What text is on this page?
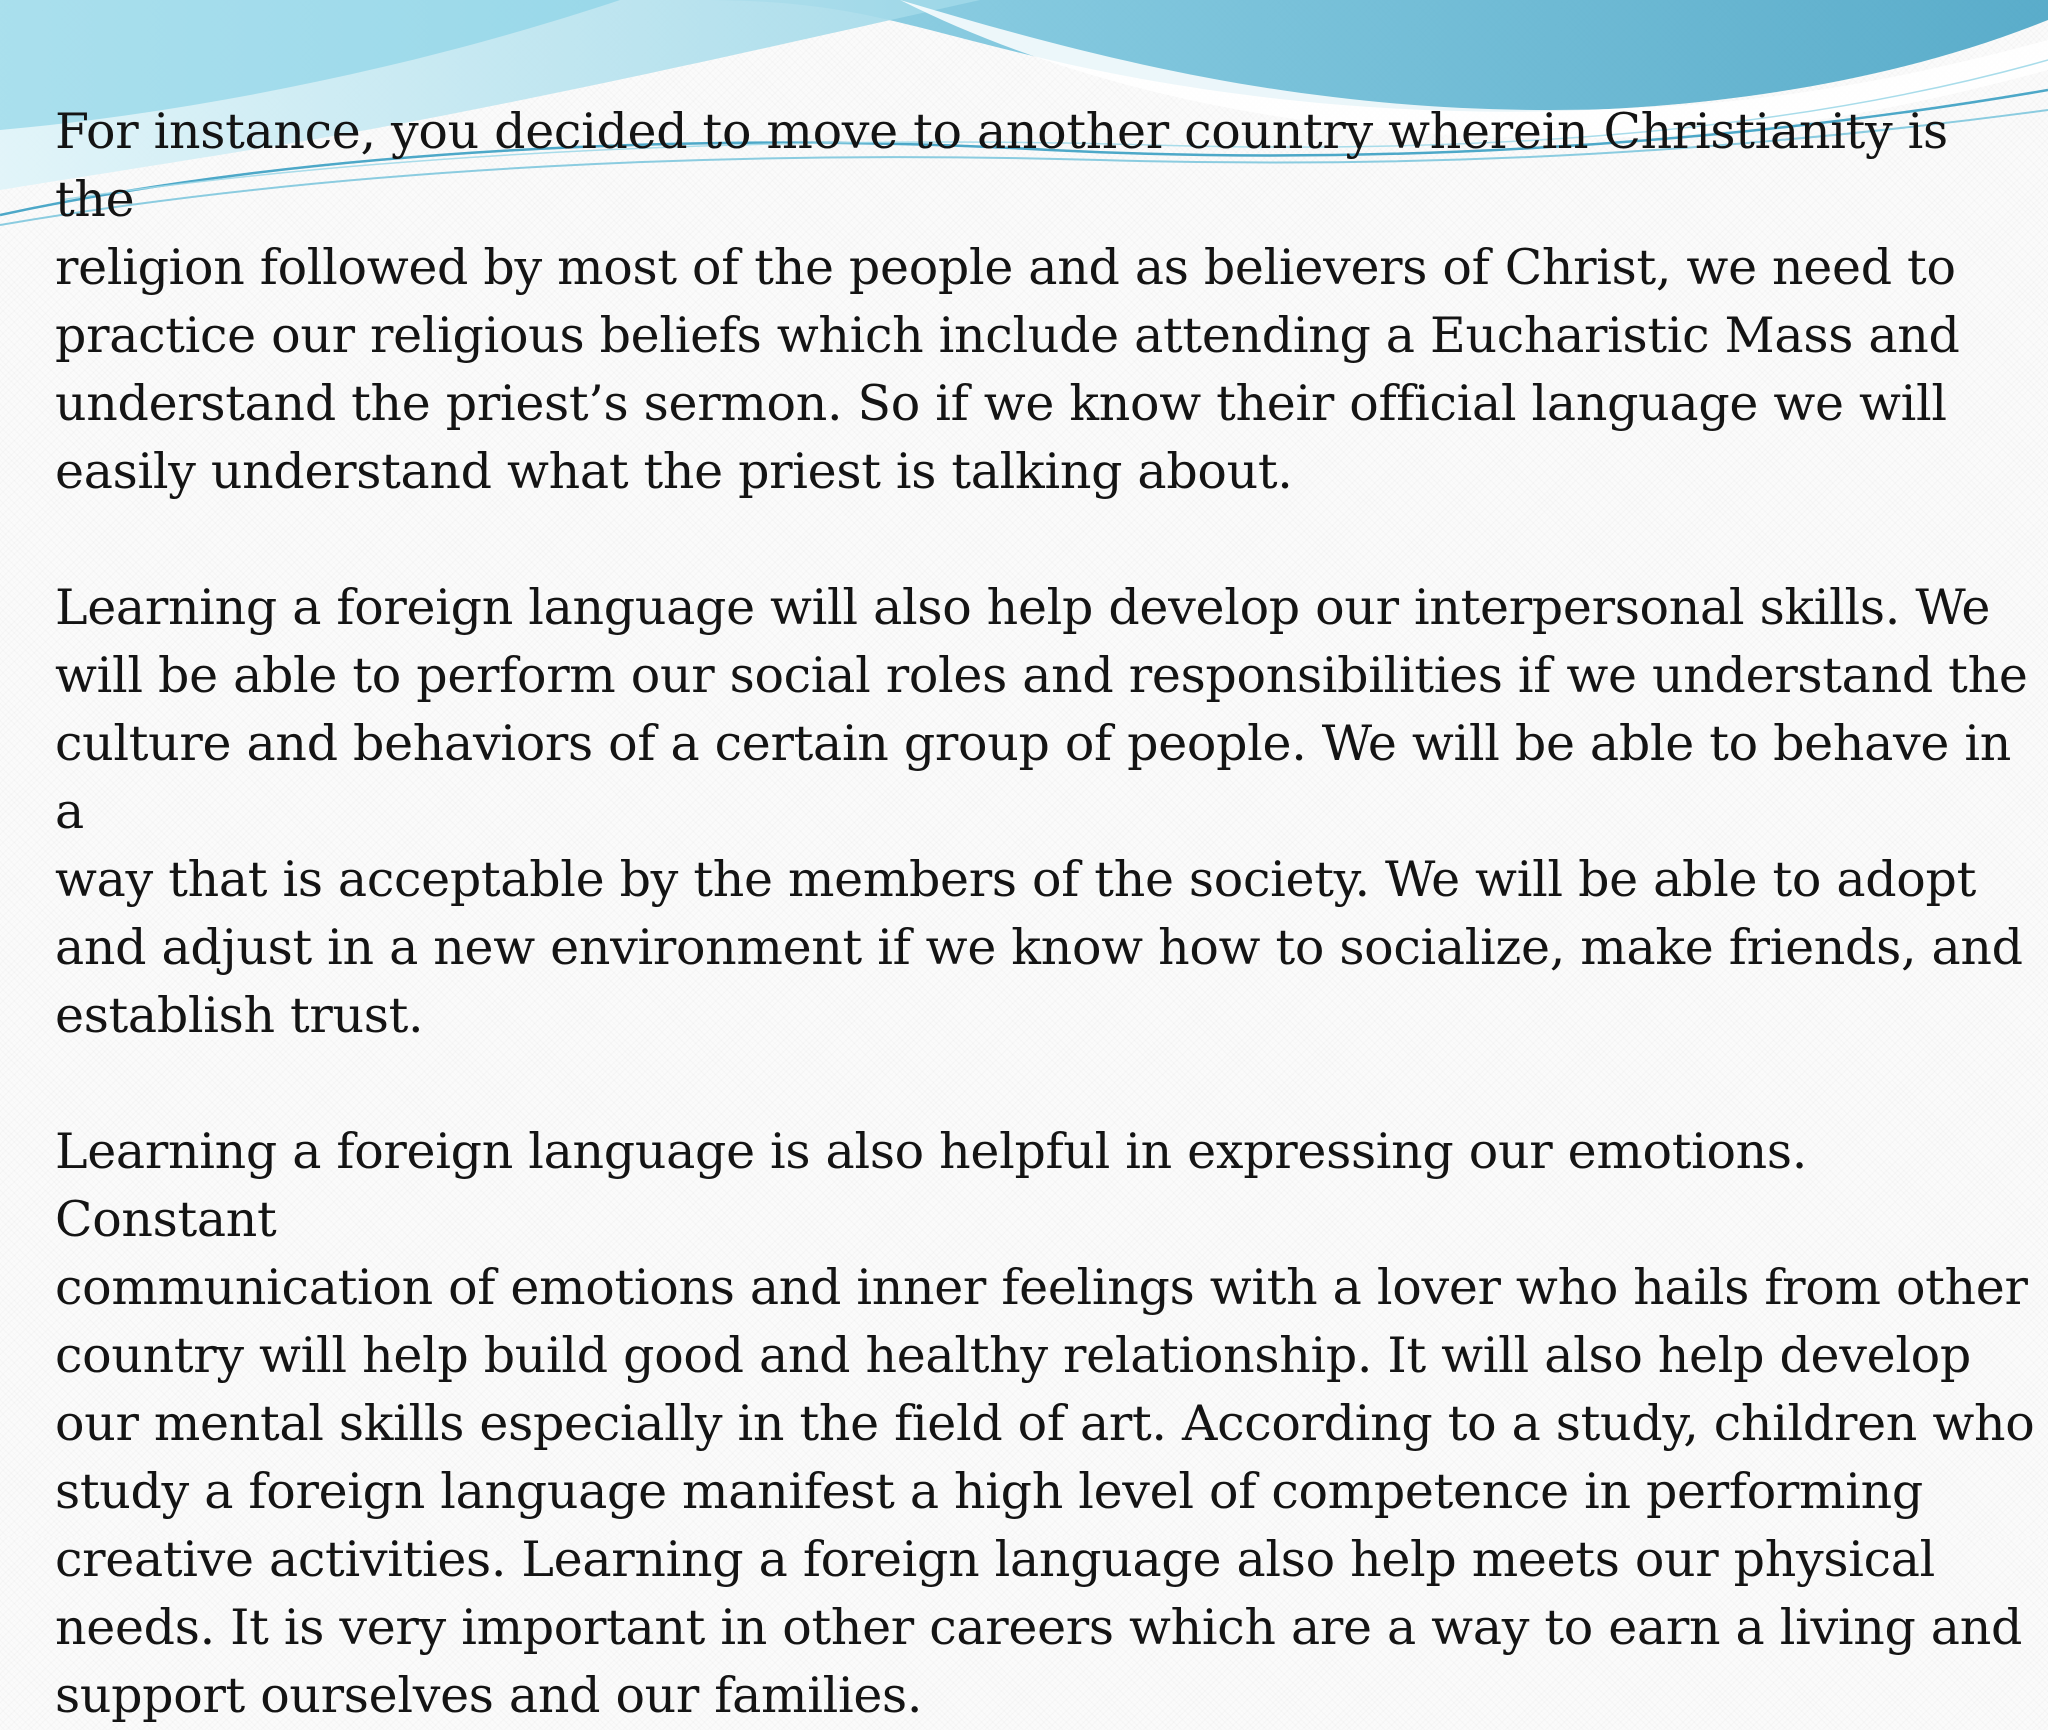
For instance, you decided to move to another country wherein Christianity is the
religion followed by most of the people and as believers of Christ, we need to
practice our religious beliefs which include attending a Eucharistic Mass and
understand the priest’s sermon. So if we know their official language we will
easily understand what the priest is talking about.

Learning a foreign language will also help develop our interpersonal skills. We
will be able to perform our social roles and responsibilities if we understand the
culture and behaviors of a certain group of people. We will be able to behave in a
way that is acceptable by the members of the society. We will be able to adopt
and adjust in a new environment if we know how to socialize, make friends, and
establish trust.

Learning a foreign language is also helpful in expressing our emotions. Constant
communication of emotions and inner feelings with a lover who hails from other
country will help build good and healthy relationship. It will also help develop
our mental skills especially in the field of art. According to a study, children who
study a foreign language manifest a high level of competence in performing
creative activities. Learning a foreign language also help meets our physical
needs. It is very important in other careers which are a way to earn a living and
support ourselves and our families.
